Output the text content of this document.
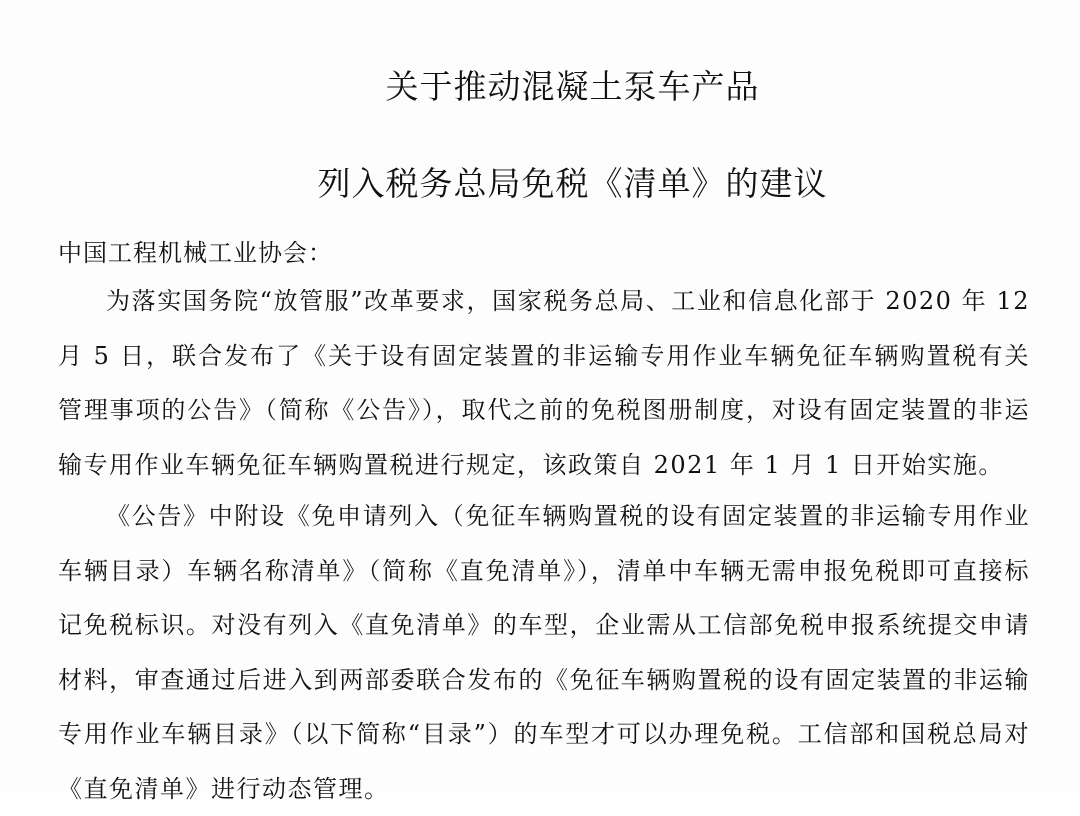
关于推动混凝土泵车产品
列入税务总局免税《清单》的建议

中国工程机械工业协会：

为落实国务院“放管服”改革要求，国家税务总局、工业和信息化部于 2020 年 12 月 5 日，联合发布了《关于设有固定装置的非运输专用作业车辆免征车辆购置税有关管理事项的公告》（简称《公告》），取代之前的免税图册制度，对设有固定装置的非运输专用作业车辆免征车辆购置税进行规定，该政策自 2021 年 1 月 1 日开始实施。

《公告》中附设《免申请列入（免征车辆购置税的设有固定装置的非运输专用作业车辆目录）车辆名称清单》（简称《直免清单》），清单中车辆无需申报免税即可直接标记免税标识。对没有列入《直免清单》的车型，企业需从工信部免税申报系统提交申请材料，审查通过后进入到两部委联合发布的《免征车辆购置税的设有固定装置的非运输专用作业车辆目录》（以下简称“目录”）的车型才可以办理免税。工信部和国税总局对《直免清单》进行动态管理。
